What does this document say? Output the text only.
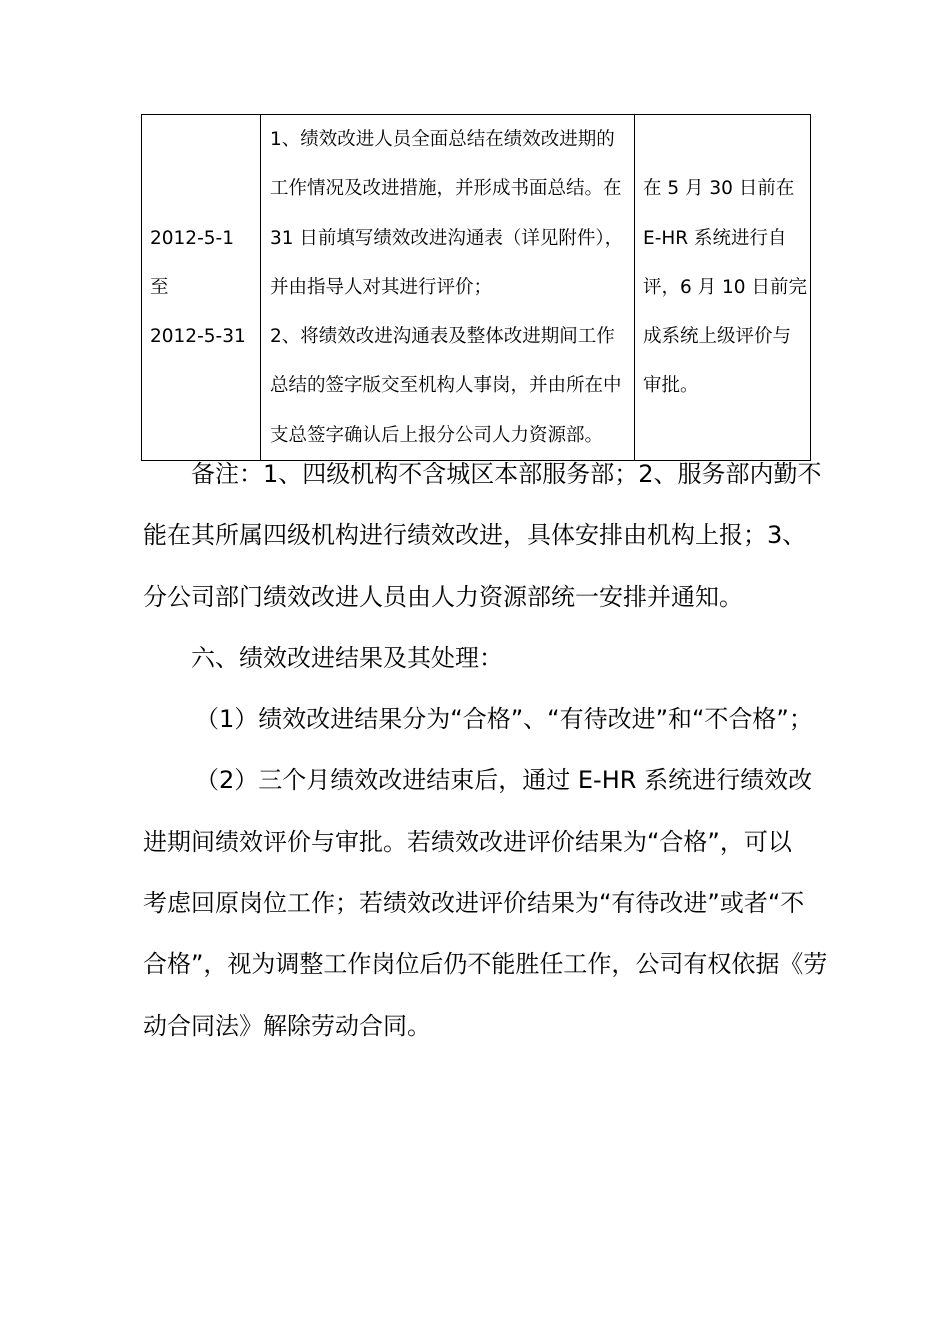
2012-5-1
至
2012-5-31

1、绩效改进人员全面总结在绩效改进期的
工作情况及改进措施，并形成书面总结。在
31 日前填写绩效改进沟通表（详见附件），
并由指导人对其进行评价；
2、将绩效改进沟通表及整体改进期间工作
总结的签字版交至机构人事岗，并由所在中
支总签字确认后上报分公司人力资源部。

在 5 月 30 日前在
E-HR 系统进行自
评，6 月 10 日前完
成系统上级评价与
审批。

备注：1、四级机构不含城区本部服务部；2、服务部内勤不
能在其所属四级机构进行绩效改进，具体安排由机构上报；3、
分公司部门绩效改进人员由人力资源部统一安排并通知。

六、绩效改进结果及其处理：

（1）绩效改进结果分为“合格”、“有待改进”和“不合格”；

（2）三个月绩效改进结束后，通过 E-HR 系统进行绩效改
进期间绩效评价与审批。若绩效改进评价结果为“合格”，可以
考虑回原岗位工作；若绩效改进评价结果为“有待改进”或者“不
合格”，视为调整工作岗位后仍不能胜任工作，公司有权依据《劳
动合同法》解除劳动合同。
